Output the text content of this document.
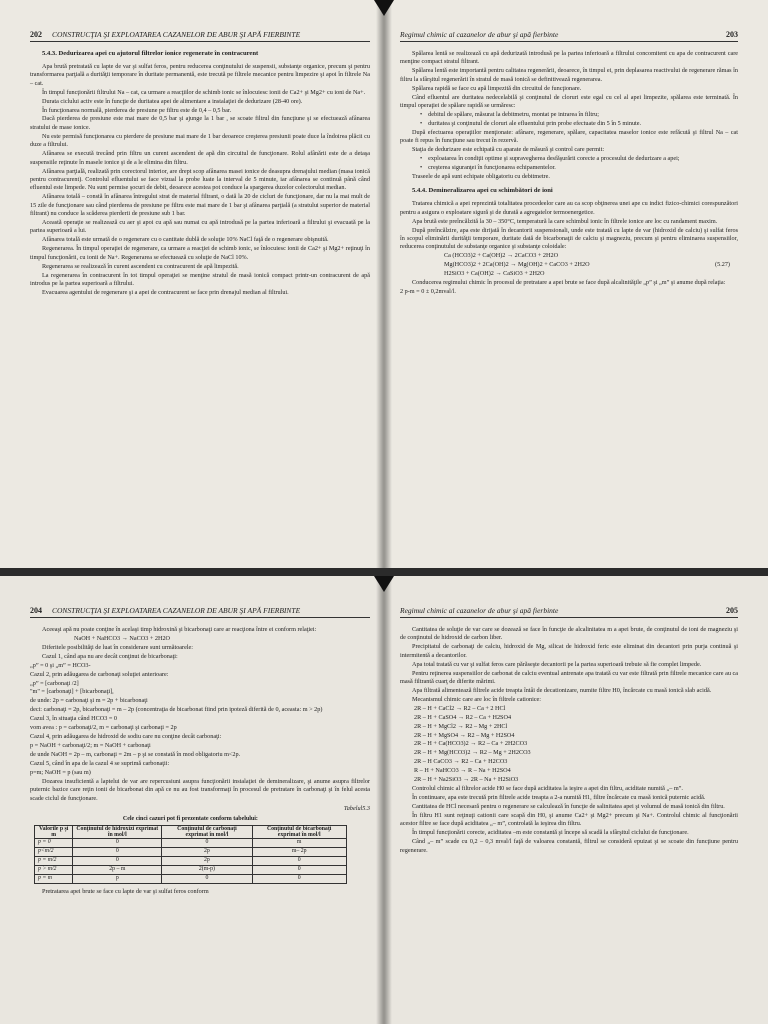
202 CONSTRUCŢIA ŞI EXPLOATAREA CAZANELOR DE ABUR ŞI APĂ FIERBINTE
5.4.3. Dedurizarea apei cu ajutorul filtrelor ionice regenerate în contracurent

Apa brută pretratată cu lapte de var şi sulfat feros, pentru reducerea conţinutului de suspensii, substanţe organice, precum şi pentru transformarea parţială a durităţii temporare în duritate permanentă, este trecută pe filtrele mecanice pentru limpezire şi apoi în filtrele Na – cat.

În timpul funcţionării filtrului Na – cat, ca urmare a reacţiilor de schimb ionic se înlocuiesc ionii de Ca2+ şi Mg2+ cu ioni de Na+.

Durata ciclului activ este în funcţie de duritatea apei de alimentare a instalaţiei de dedurizare (28-40 ore).

În funcţionarea normală, pierderea de presiune pe filtru este de 0,4 – 0,5 bar.

Dacă pierderea de presiune este mai mare de 0,5 bar şi ajunge la 1 bar , se scoate filtrul din funcţiune şi se efectuează afânarea stratului de mase ionice.

Nu este permisă funcţionarea cu pierdere de presiune mai mare de 1 bar deoarece creşterea presiunii poate duce la îndoirea plăcii cu duze a filtrului.

Afânarea se execută trecând prin filtru un curent ascendent de apă din circuitul de funcţionare. Rolul afânării este de a detaşa suspensiile reţinute în masele ionice şi de a le elimina din filtru.

Afânarea parţială, realizată prin corectorul interior, are drept scop afânarea masei ionice de deasupra drenajului median (masa ionică pentru contracurent). Controlul efluentului se face vizual la probe luate la interval de 5 minute, iar afânarea se continuă până când efluentul este limpede. Nu sunt permise şocuri de debit, deoarece acestea pot conduce la spargerea duzelor colectorului median.

Afânarea totală – constă în afânarea întregului strat de material filtrant, o dată la 20 de cicluri de funcţionare, dar nu la mai mult de 15 zile de funcţionare sau când pierderea de presiune pe filtru este mai mare de 1 bar şi afânarea parţială (a stratului superior de material filtrant) nu conduce la scăderea pierderii de presiune sub 1 bar.

Această operaţie se realizează cu aer şi apoi cu apă sau numai cu apă introdusă pe la partea inferioară a filtrului şi evacuată pe la partea superioară a lui.

Afânarea totală este urmată de o regenerare cu o cantitate dublă de soluţie 10% NaCl faţă de o regenerare obişnuită.

Regenerarea. În timpul operaţiei de regenerare, ca urmare a reacţiei de schimb ionic, se înlocuiesc ionii de Ca2+ şi Mg2+ reţinuţi în timpul funcţionării, cu ionii de Na+. Regenerarea se efectuează cu soluţie de NaCl 10%.

Regenerarea se realizează în curent ascendent cu contracurent de apă limpezită.

La regenerarea în contracurent în tot timpul operaţiei se menţine stratul de masă ionică compact printr-un contracurent de apă introdus pe la partea superioară a filtrului.

Evacuarea agentului de regenerare şi a apei de contracurent se face prin drenajul median al filtrului.

Regimul chimic al cazanelor de abur şi apă fierbinte	203

Spălarea lentă se realizează cu apă dedurizată introdusă pe la partea inferioară a filtrului concomitent cu apa de contracurent care menţine compact stratul filtrant.

Spălarea lentă este importantă pentru calitatea regenerării, deoarece, în timpul ei, prin deplasarea reactivului de regenerare rămas în filtru la sfârşitul regenerării în stratul de masă ionică se definitivează regenerarea.

Spălarea rapidă se face cu apă limpezită din circuitul de funcţionare.

Când efluentul are duritatea nedecelabilă şi conţinutul de cloruri este egal cu cel al apei limpezite, spălarea este terminată. În timpul operaţiei de spălare rapidă se urmăresc:

• debitul de spălare, măsurat la debitmetru, montat pe intrarea în filtru;
• duritatea şi conţinutul de cloruri ale efluentului prin probe efectuate din 5 în 5 minute.

După efectuarea operaţiilor menţionate: afânare, regenerare, spălare, capacitatea maselor ionice este refăcută şi filtrul Na – cat poate fi repus în funcţiune sau trecut în rezervă.

Staţia de dedurizare este echipată cu aparate de măsură şi control care permit:

• exploatarea în condiţii optime şi supravegherea desfăşurării corecte a procesului de dedurizare a apei;
• creşterea siguranţei în funcţionarea echipamentelor.

Traseele de apă sunt echipate obligatoriu cu debitmetre.

5.4.4. Demineralizarea apei cu schimbători de ioni

Tratarea chimică a apei reprezintă totalitatea procedeelor care au ca scop obţinerea unei ape cu indici fizico-chimici corespunzători pentru a asigura o exploatare sigură şi de durată a agregatelor termoenergetice.

Apa brută este preîncălzită la 30 – 350°C, temperatură la care schimbul ionic în filtrele ionice are loc cu randament maxim.

După preîncălzire, apa este dirijată în decantorii suspensionali, unde este tratată cu lapte de var (hidroxid de calciu) şi sulfat feros în scopul eliminării durităţii temporare, duritate dată de bicarbonaţii de calciu şi magneziu, precum şi pentru eliminarea suspensiilor, reducerea conţinutului de substanţe organice şi substanţe coloidale:

Ca (HCO3)2 + Ca(OH)2 → 2CaCO3 + 2H2O

Mg(HCO3)2 + 2Ca(OH)2 → Mg(OH)2 + CaCO3 + 2H2O	(5.27)

H2SiO3 + Ca(OH)2 → CaSiO3 + 2H2O

Conducerea regimului chimic în procesul de pretratare a apei brute se face după alcalinităţile „p” şi „m” şi anume după relaţia:

2 p-m = 0 ± 0,2mval/l.

204 CONSTRUCŢIA ŞI EXPLOATAREA CAZANELOR DE ABUR ŞI APĂ FIERBINTE

Aceeaşi apă nu poate conţine în acelaşi timp hidroxină şi bicarbonaţi care ar reacţiona între ei conform relaţiei:

NaOH + NaHCO3 → NaCO3 + 2H2O

Diferitele posibilităţi de luat în considerare sunt următoarele:

Cazul 1, când apa nu are decât conţinut de bicarbonaţi:

„p” = 0 şi „m” = HCO3-

Cazul 2, prin adăugarea de carbonaţi soluţiei anterioare:

„p” = [carbonaţi /2]

"m" = [carbonaţi] + [bicarbonaţi],

de unde: 2p = carbonaţi şi m = 2p + bicarbonaţi

deci: carbonaţi = 2p, bicarbonaţi = m – 2p (concentraţia de bicarbonat fiind prin ipoteză diferită de 0, aceasta: m > 2p)

Cazul 3, în situaţia când HCO3 = 0

vom avea : p = carbonaţi/2, m = carbonaţi şi carbonaţi = 2p

Cazul 4, prin adăugarea de hidroxid de sodiu care nu conţine decât carbonaţi:

p = NaOH + carbonaţi/2; m = NaOH + carbonaţi

de unde NaOH = 2p – m, carbonaţi = 2m – p şi se constată în mod obligatoriu m<2p.

Cazul 5, când în apa de la cazul 4 se suprimă carbonaţii:

p=m; NaOH = p (sau m)

Dozarea insuficientă a laptelui de var are repercusiuni asupra funcţionării instalaţiei de demineralizare, şi anume asupra filtrelor puternic bazice care reţin ionii de bicarbonat din apă ce nu au fost transformaţi în procesul de pretratare în carbonaţi şi în felul acesta scade ciclul de funcţionare.

Tabelul5.3
Cele cinci cazuri pot fi prezentate conform tabelului:
Valorile p şi m	Conţinutul de hidroxizi exprimat în mol/l	Conţinutul de carbonaţi exprimat în mol/l	Conţinutul de bicarbonaţi exprimat în mol/l
p = 0	0	0	m
p<m/2	0	2p	m– 2p
p = m/2	0	2p	0
p > m/2	2p – m	2(m-p)	0
p = m	p	0	0

Pretratarea apei brute se face cu lapte de var şi sulfat feros conform

Regimul chimic al cazanelor de abur şi apă fierbinte	205

Cantitatea de soluţie de var care se dozează se face în funcţie de alcalinitatea m a apei brute, de conţinutul de ioni de magneziu şi de conţinutul de hidroxid de carbon liber.

Precipitatul de carbonaţi de calciu, hidroxid de Mg, silicat de hidroxid feric este eliminat din decantori prin purja continuă şi intermitentă a decantorilor.

Apa total tratată cu var şi sulfat feros care părăseşte decantorii pe la partea superioară trebuie să fie complet limpede.

Pentru reţinerea suspensiilor de carbonat de calciu eventual antrenate apa tratată cu var este filtrată prin filtrele mecanice care au ca masă filtrantă cuarţ de diferite mărimi.

Apa filtrată alimentează filtrele acide treapta întâi de decationizare, numite filtre H0, încărcate cu masă ionică slab acidă.

Mecanismul chimic care are loc în filtrele cationice:

2R – H + CaCl2 → R2 – Ca + 2 HCl

2R – H + CaSO4 → R2 – Ca + H2SO4

2R – H + MgCl2 → R2 – Mg + 2HCl

2R – H + MgSO4 → R2 – Mg + H2SO4

2R – H + Ca(HCO3)2 → R2 – Ca + 2H2CO3

2R – H + Mg(HCO3)2 → R2 – Mg + 2H2CO3

2R – H CaCO3 → R2 – Ca + H2CO3

R – H + NaHCO3 → R – Na + H2SO4

2R – H + Na2SiO3 → 2R – Na + H2SiO3

Controlul chimic al filtrelor acide H0 se face după aciditatea la ieşire a apei din filtru, aciditate numită „– m”.

În continuare, apa este trecută prin filtrele acide treapta a 2-a numită H1, filtre încărcate cu masă ionică puternic acidă.

Cantitatea de HCl necesară pentru o regenerare se calculează în funcţie de salinitatea apei şi volumul de masă ionică din filtru.

În filtru H1 sunt reţinuţi cationii care scapă din H0, şi anume Ca2+ şi Mg2+ precum şi Na+. Controlul chimic al funcţionării acestor filtre se face după aciditatea „– m”, controlată la ieşirea din filtru.

În timpul funcţionării corecte, aciditatea –m este constantă şi începe să scadă la sfârşitul ciclului de funcţionare.

Când „– m” scade cu 0,2 – 0,3 mval/l faţă de valoarea constantă, filtrul se consideră epuizat şi se scoate din funcţiune pentru regenerare.
